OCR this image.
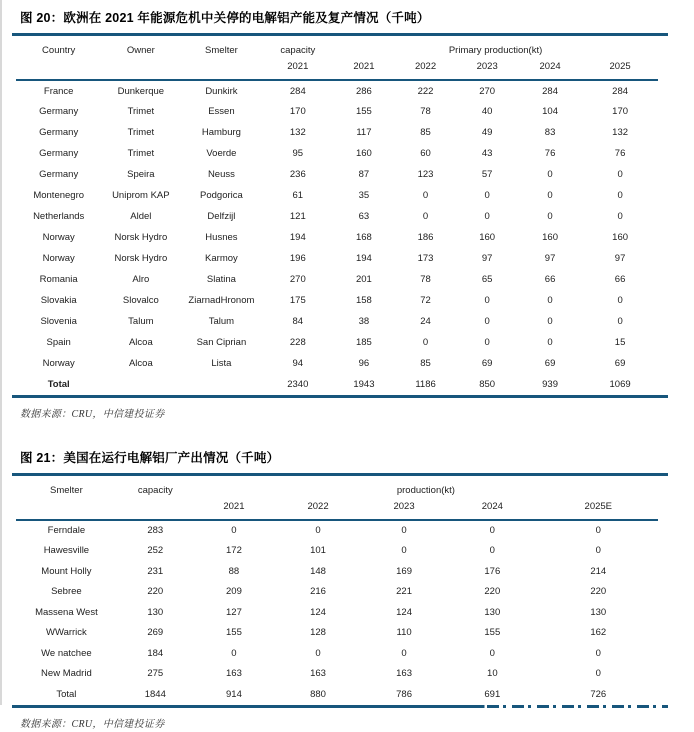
图 20：欧洲在 2021 年能源危机中关停的电解铝产能及复产情况（千吨）
Country	Owner	Smelter	capacity	Primary production(kt)				
			2021	2021	2022	2023	2024	2025
France	Dunkerque	Dunkirk	284	286	222	270	284	284
Germany	Trimet	Essen	170	155	78	40	104	170
Germany	Trimet	Hamburg	132	117	85	49	83	132
Germany	Trimet	Voerde	95	160	60	43	76	76
Germany	Speira	Neuss	236	87	123	57	0	0
Montenegro	Uniprom KAP	Podgorica	61	35	0	0	0	0
Netherlands	Aldel	Delfzijl	121	63	0	0	0	0
Norway	Norsk Hydro	Husnes	194	168	186	160	160	160
Norway	Norsk Hydro	Karmoy	196	194	173	97	97	97
Romania	Alro	Slatina	270	201	78	65	66	66
Slovakia	Slovalco	ZiarnadHronom	175	158	72	0	0	0
Slovenia	Talum	Talum	84	38	24	0	0	0
Spain	Alcoa	San Ciprian	228	185	0	0	0	15
Norway	Alcoa	Lista	94	96	85	69	69	69
Total			2340	1943	1186	850	939	1069
数据来源：CRU，中信建投证券
图 21：美国在运行电解铝厂产出情况（千吨）
Smelter	capacity	production(kt)				
		2021	2022	2023	2024	2025E
Ferndale	283	0	0	0	0	0
Hawesville	252	172	101	0	0	0
Mount Holly	231	88	148	169	176	214
Sebree	220	209	216	221	220	220
Massena West	130	127	124	124	130	130
WWarrick	269	155	128	110	155	162
We natchee	184	0	0	0	0	0
New Madrid	275	163	163	163	10	0
Total	1844	914	880	786	691	726
数据来源：CRU，中信建投证券
